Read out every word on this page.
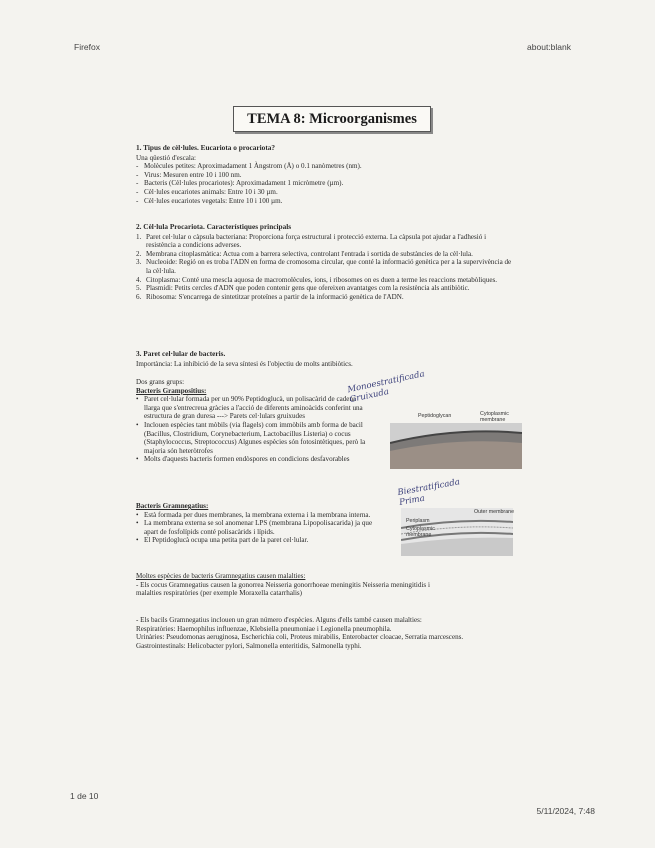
Firefox	about:blank
TEMA 8: Microorganismes
1. Tipus de cèl·lules. Eucariota o procariota?
Una qüestió d'escala:
- Molècules petites: Aproximadament 1 Àngstrom (Å) o 0.1 nanòmetres (nm).
- Virus: Mesuren entre 10 i 100 nm.
- Bacteris (Cèl·lules procariotes): Aproximadament 1 micròmetre (µm).
- Cèl·lules eucariotes animals: Entre 10 i 30 µm.
- Cèl·lules eucariotes vegetals: Entre 10 i 100 µm.
2. Cèl·lula Procariota. Característiques principals
1. Paret cel·lular o càpsula bacteriana: Proporciona força estructural i protecció externa. La càpsula pot ajudar a l'adhesió i resistència a condicions adverses.
2. Membrana citoplasmàtica: Actua com a barrera selectiva, controlant l'entrada i sortida de substàncies de la cèl·lula.
3. Nucleoide: Regió on es troba l'ADN en forma de cromosoma circular, que conté la informació genètica per a la supervivència de la cèl·lula.
4. Citoplasma: Conté una mescla aquosa de macromolècules, ions, i ribosomes on es duen a terme les reaccions metabòliques.
5. Plasmidi: Petits cercles d'ADN que poden contenir gens que ofereixen avantatges com la resistència als antibiòtic.
6. Ribosoma: S'encarrega de sintetitzar proteïnes a partir de la informació genètica de l'ADN.
3. Paret cel·lular de bacteris.
Importància: La inhibició de la seva síntesi és l'objectiu de molts antibiòtics.
Dos grans grups:
Bacteris Grampositius:
• Paret cel·lular formada per un 90% Peptidoglucà, un polisacàrid de cadena llarga que s'entrecreua gràcies a l'acció de diferents aminoàcids conferint una estructura de gran duresa ---> Parets cel·lulars gruixudes
• Inclouen espècies tant mòbils (via flagels) com immòbils amb forma de bacil (Bacillus, Clostridium, Corynebacterium, Lactobacillus Listeria) o cocus (Staphylococcus, Streptococcus) Algunes espècies són fotosintètiques, però la majoria són heteròtrofes
• Molts d'aquests bacteris formen endòspores en condicions desfavorables
Bacteris Gramnegatius:
• Està formada per dues membranes, la membrana externa i la membrana interna.
• La membrana externa se sol anomenar LPS (membrana Lipopolisacarida) ja que apart de fosfolípids conté polisacàrids i lípids.
• El Peptidoglucà ocupa una petita part de la paret cel·lular.
Moltes espècies de bacteris Gramnegatius causen malalties:
- Els cocus Gramnegatius causen la gonorrea Neisseria gonorrhoeae meningitis Neisseria meningitidis i malalties respiratòries (per exemple Moraxella catarrhalis)
- Els bacils Gramnegatius inclouen un gran número d'espècies. Alguns d'ells també causen malalties:
Respiratòries: Haemophilus influenzae, Klebsiella pneumoniae i Legionella pneumophila.
Urinàries: Pseudomonas aeruginosa, Escherichia coli, Proteus mirabilis, Enterobacter cloacae, Serratia marcescens.
Gastrointestinals: Helicobacter pylori, Salmonella enteritidis, Salmonella typhi.
Peptidoglycan	Cytoplasmic membrane
Outer membrane
Periplasm
Cytoplasmic membrane
Monoestratificada Gruixuda
Biestratificada Prima
1 de 10
5/11/2024, 7:48
